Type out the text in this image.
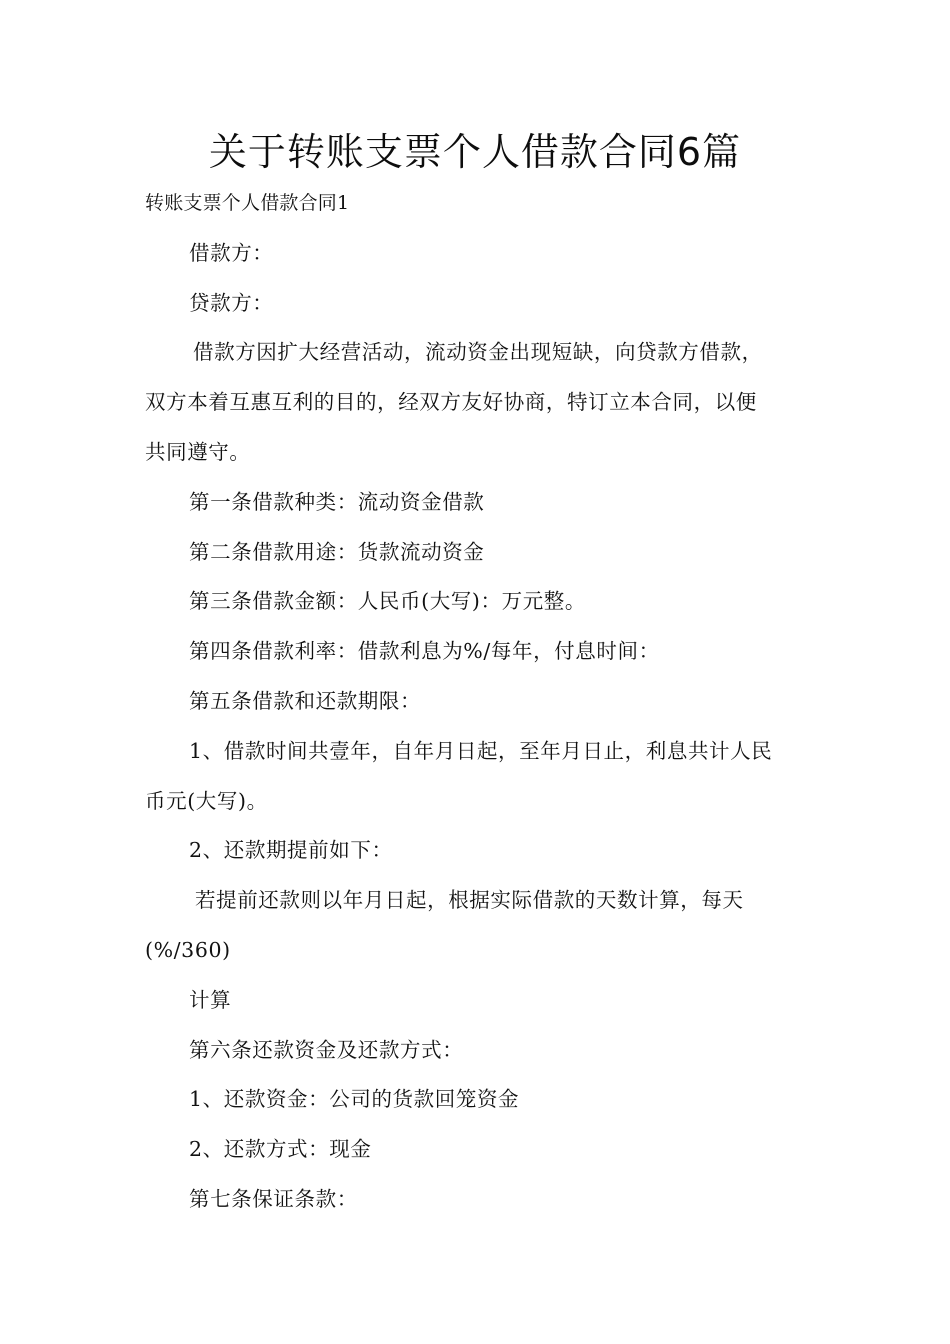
关于转账支票个人借款合同6篇
转账支票个人借款合同1
借款方：
贷款方：
借款方因扩大经营活动，流动资金出现短缺，向贷款方借款，
双方本着互惠互利的目的，经双方友好协商，特订立本合同，以便
共同遵守。
第一条借款种类：流动资金借款
第二条借款用途：货款流动资金
第三条借款金额：人民币(大写)：万元整。
第四条借款利率：借款利息为%/每年，付息时间：
第五条借款和还款期限：
1、借款时间共壹年，自年月日起，至年月日止，利息共计人民
币元(大写)。
2、还款期提前如下：
若提前还款则以年月日起，根据实际借款的天数计算，每天
(%/360)
计算
第六条还款资金及还款方式：
1、还款资金：公司的货款回笼资金
2、还款方式：现金
第七条保证条款：
